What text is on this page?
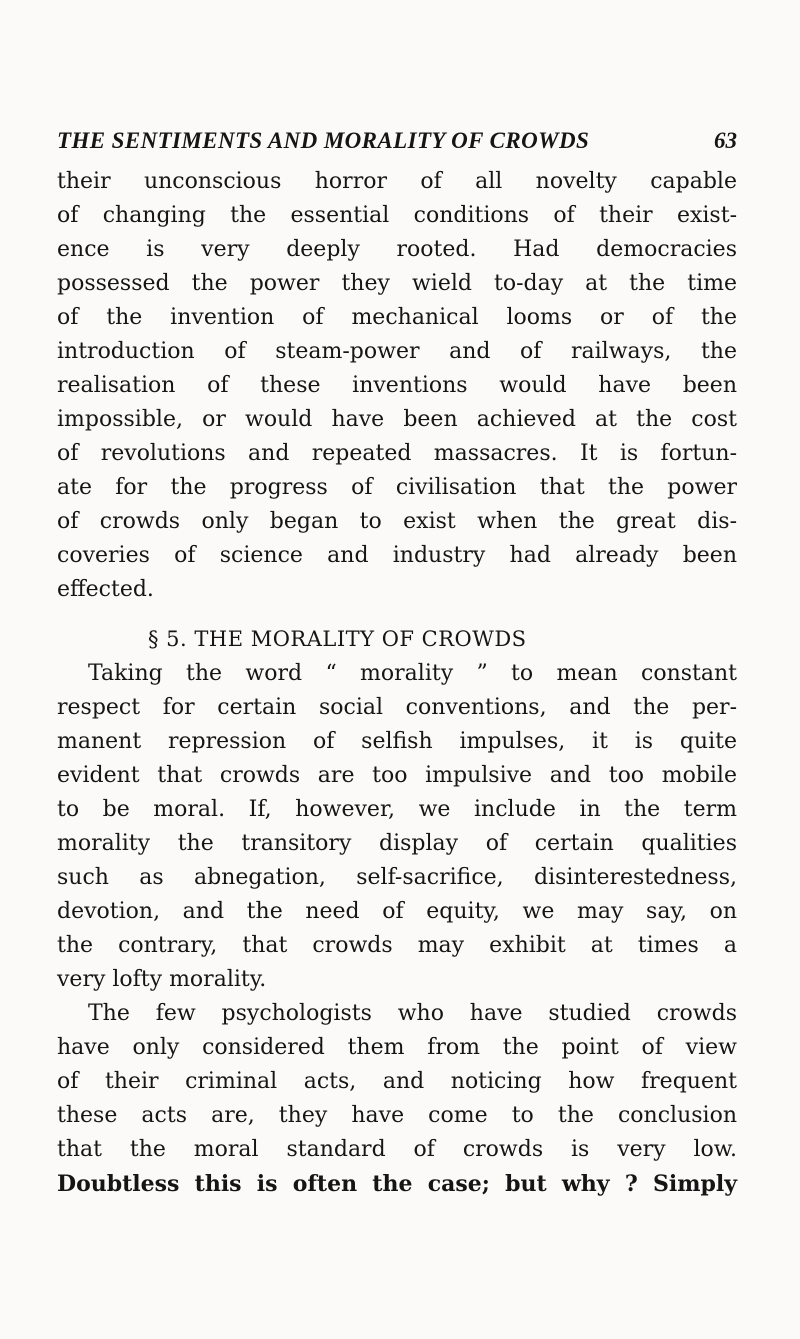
THE SENTIMENTS AND MORALITY OF CROWDS	63
their unconscious horror of all novelty capable
of changing the essential conditions of their exist-
ence is very deeply rooted. Had democracies
possessed the power they wield to-day at the time
of the invention of mechanical looms or of the
introduction of steam-power and of railways, the
realisation of these inventions would have been
impossible, or would have been achieved at the cost
of revolutions and repeated massacres. It is fortun-
ate for the progress of civilisation that the power
of crowds only began to exist when the great dis-
coveries of science and industry had already been
effected.
§ 5. THE MORALITY OF CROWDS
Taking the word “ morality ” to mean constant
respect for certain social conventions, and the per-
manent repression of selfish impulses, it is quite
evident that crowds are too impulsive and too mobile
to be moral. If, however, we include in the term
morality the transitory display of certain qualities
such as abnegation, self-sacrifice, disinterestedness,
devotion, and the need of equity, we may say, on
the contrary, that crowds may exhibit at times a
very lofty morality.
The few psychologists who have studied crowds
have only considered them from the point of view
of their criminal acts, and noticing how frequent
these acts are, they have come to the conclusion
that the moral standard of crowds is very low.
Doubtless this is often the case; but why ? Simply
